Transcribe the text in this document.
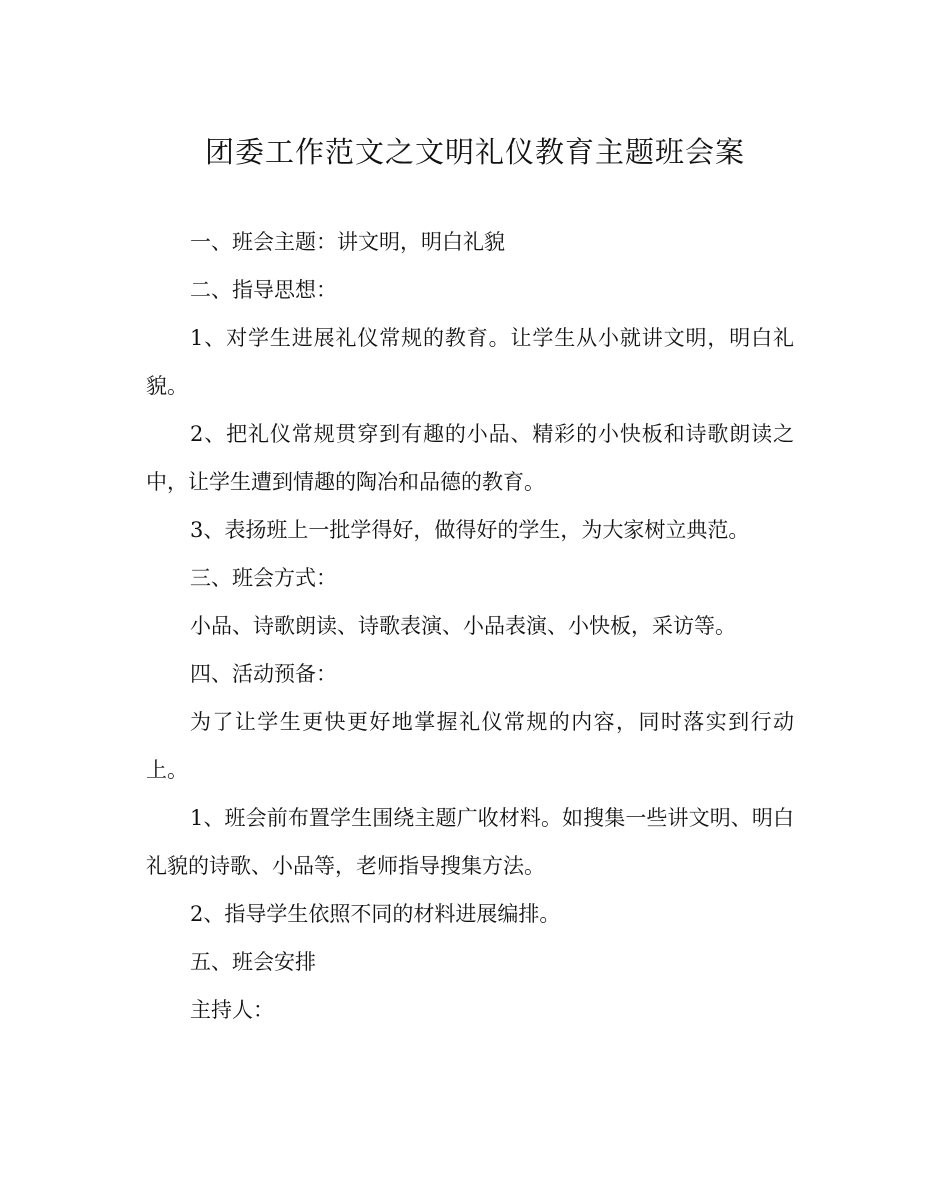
团委工作范文之文明礼仪教育主题班会案

一、班会主题：讲文明，明白礼貌

二、指导思想：

1、对学生进展礼仪常规的教育。让学生从小就讲文明，明白礼貌。

2、把礼仪常规贯穿到有趣的小品、精彩的小快板和诗歌朗读之中，让学生遭到情趣的陶冶和品德的教育。

3、表扬班上一批学得好，做得好的学生，为大家树立典范。

三、班会方式：

小品、诗歌朗读、诗歌表演、小品表演、小快板，采访等。

四、活动预备：

为了让学生更快更好地掌握礼仪常规的内容，同时落实到行动上。

1、班会前布置学生围绕主题广收材料。如搜集一些讲文明、明白礼貌的诗歌、小品等，老师指导搜集方法。

2、指导学生依照不同的材料进展编排。

五、班会安排

主持人：
